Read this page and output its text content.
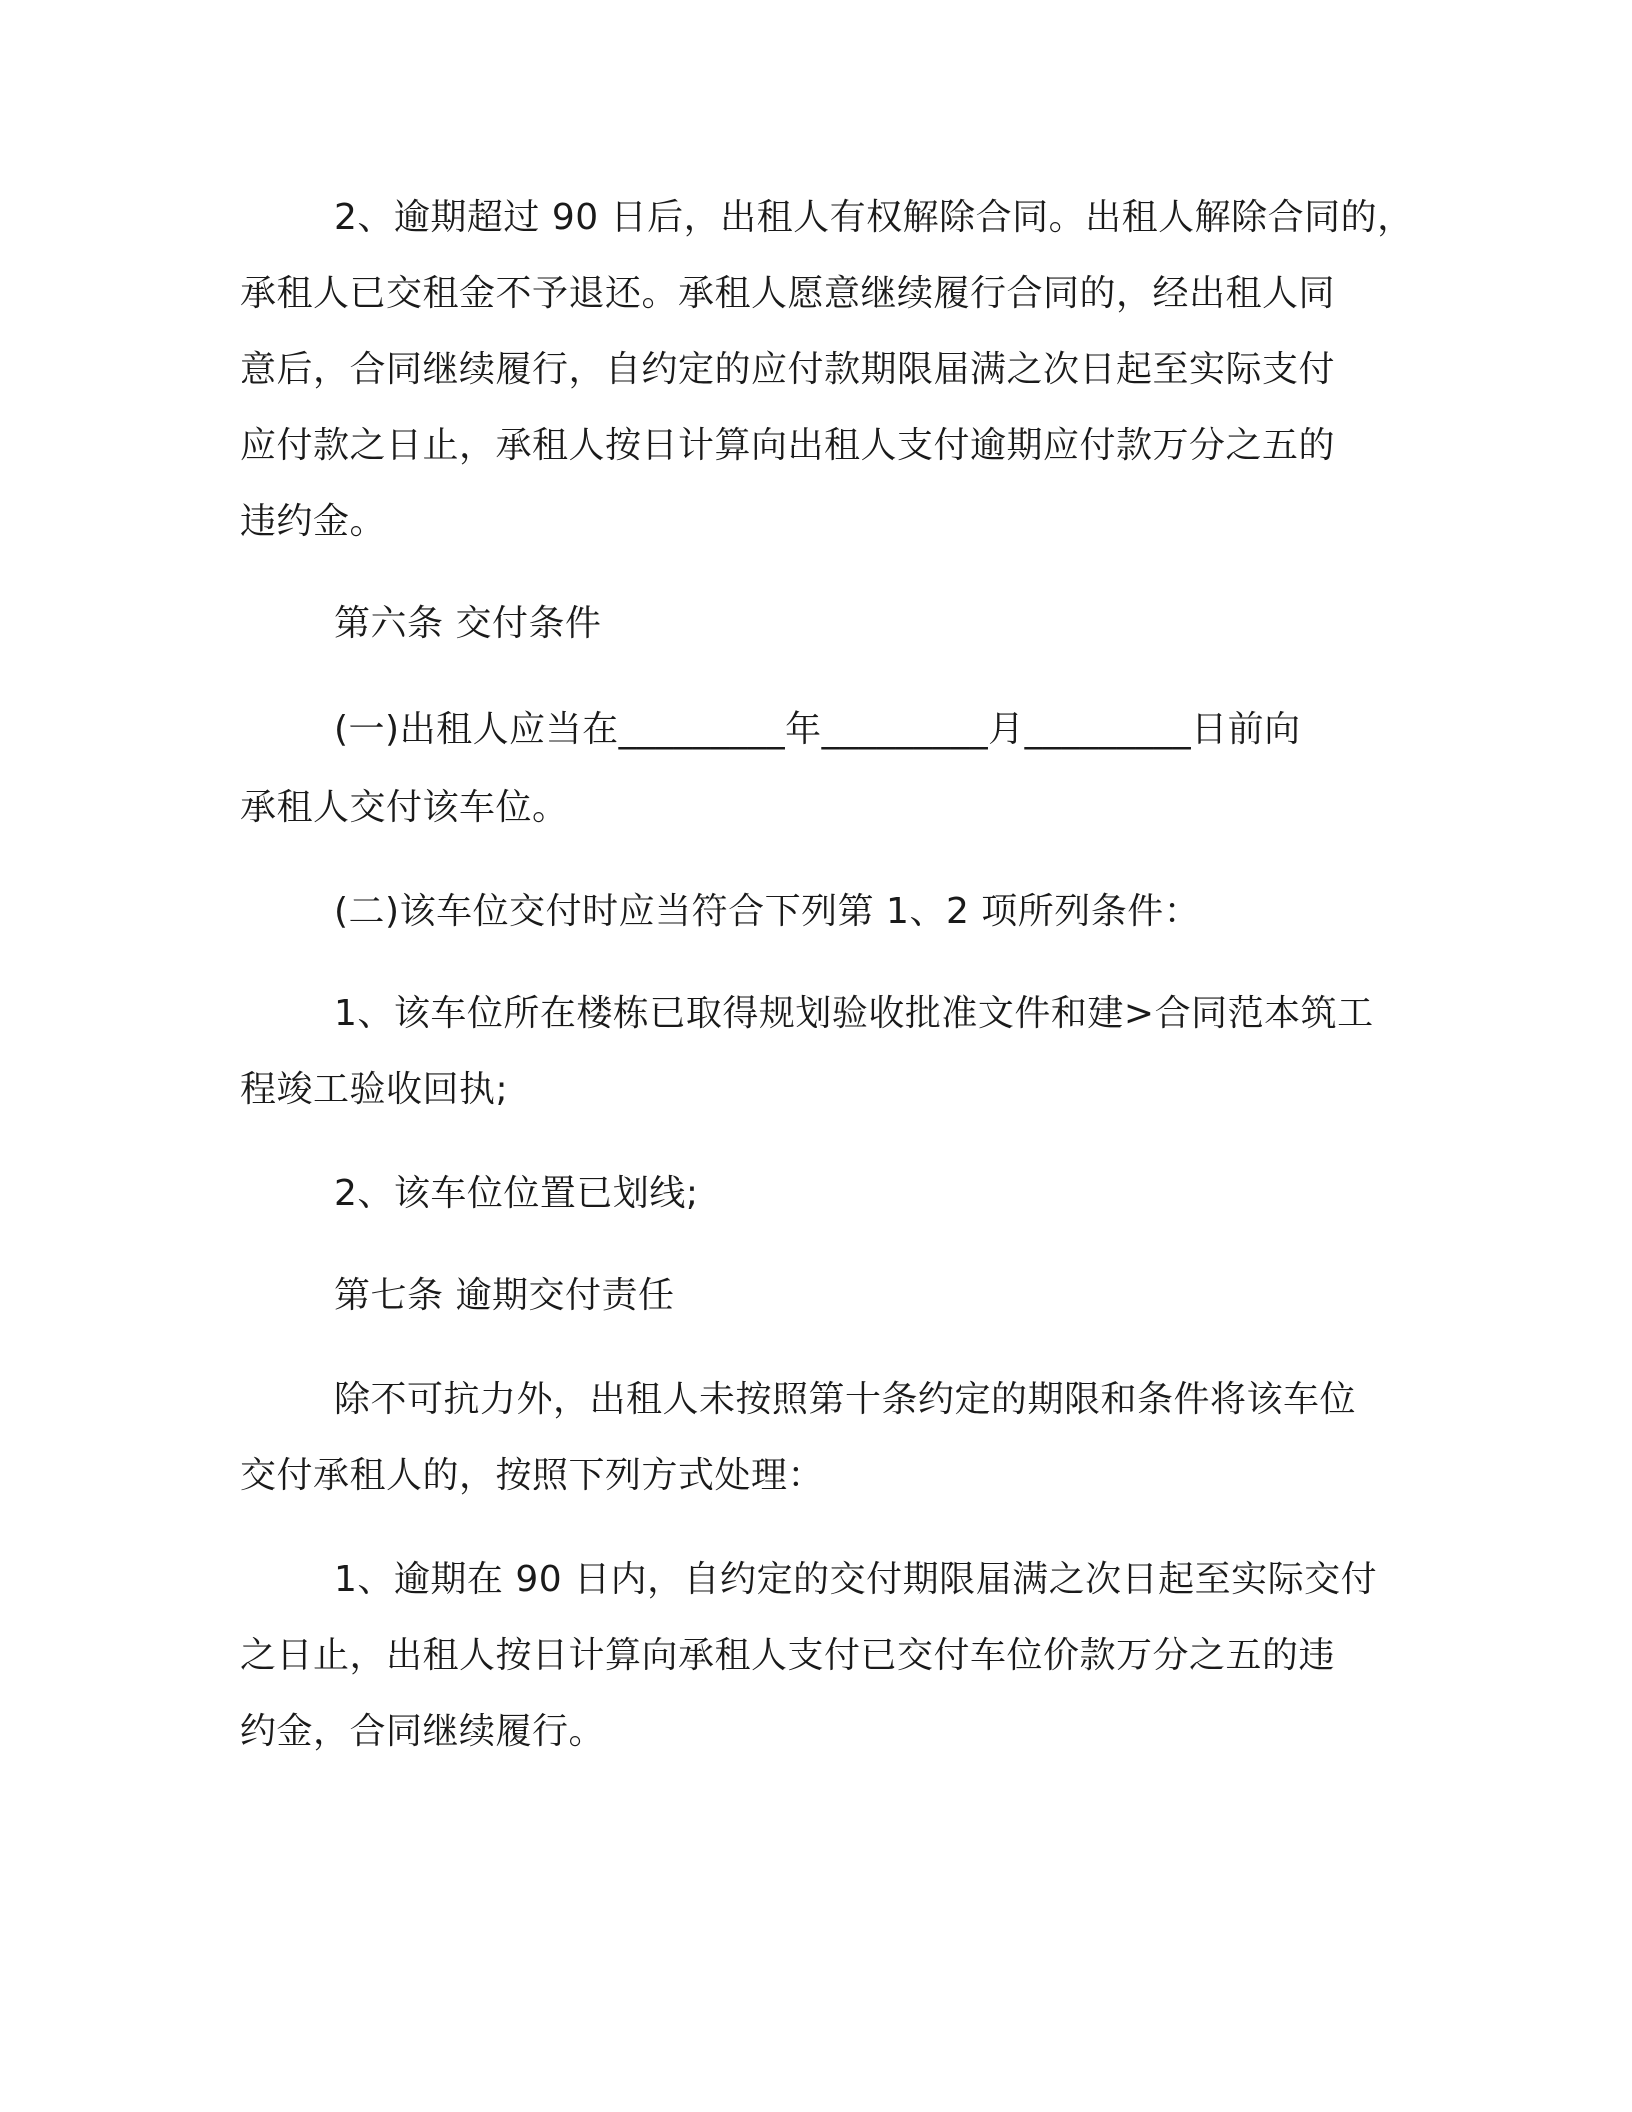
2、逾期超过 90 日后，出租人有权解除合同。出租人解除合同的，
承租人已交租金不予退还。承租人愿意继续履行合同的，经出租人同
意后，合同继续履行，自约定的应付款期限届满之次日起至实际支付
应付款之日止，承租人按日计算向出租人支付逾期应付款万分之五的
违约金。
第六条 交付条件
(一)出租人应当在_________年_________月_________日前向
承租人交付该车位。
(二)该车位交付时应当符合下列第 1、2 项所列条件：
1、该车位所在楼栋已取得规划验收批准文件和建>合同范本筑工
程竣工验收回执;
2、该车位位置已划线;
第七条 逾期交付责任
除不可抗力外，出租人未按照第十条约定的期限和条件将该车位
交付承租人的，按照下列方式处理：
1、逾期在 90 日内，自约定的交付期限届满之次日起至实际交付
之日止，出租人按日计算向承租人支付已交付车位价款万分之五的违
约金，合同继续履行。
